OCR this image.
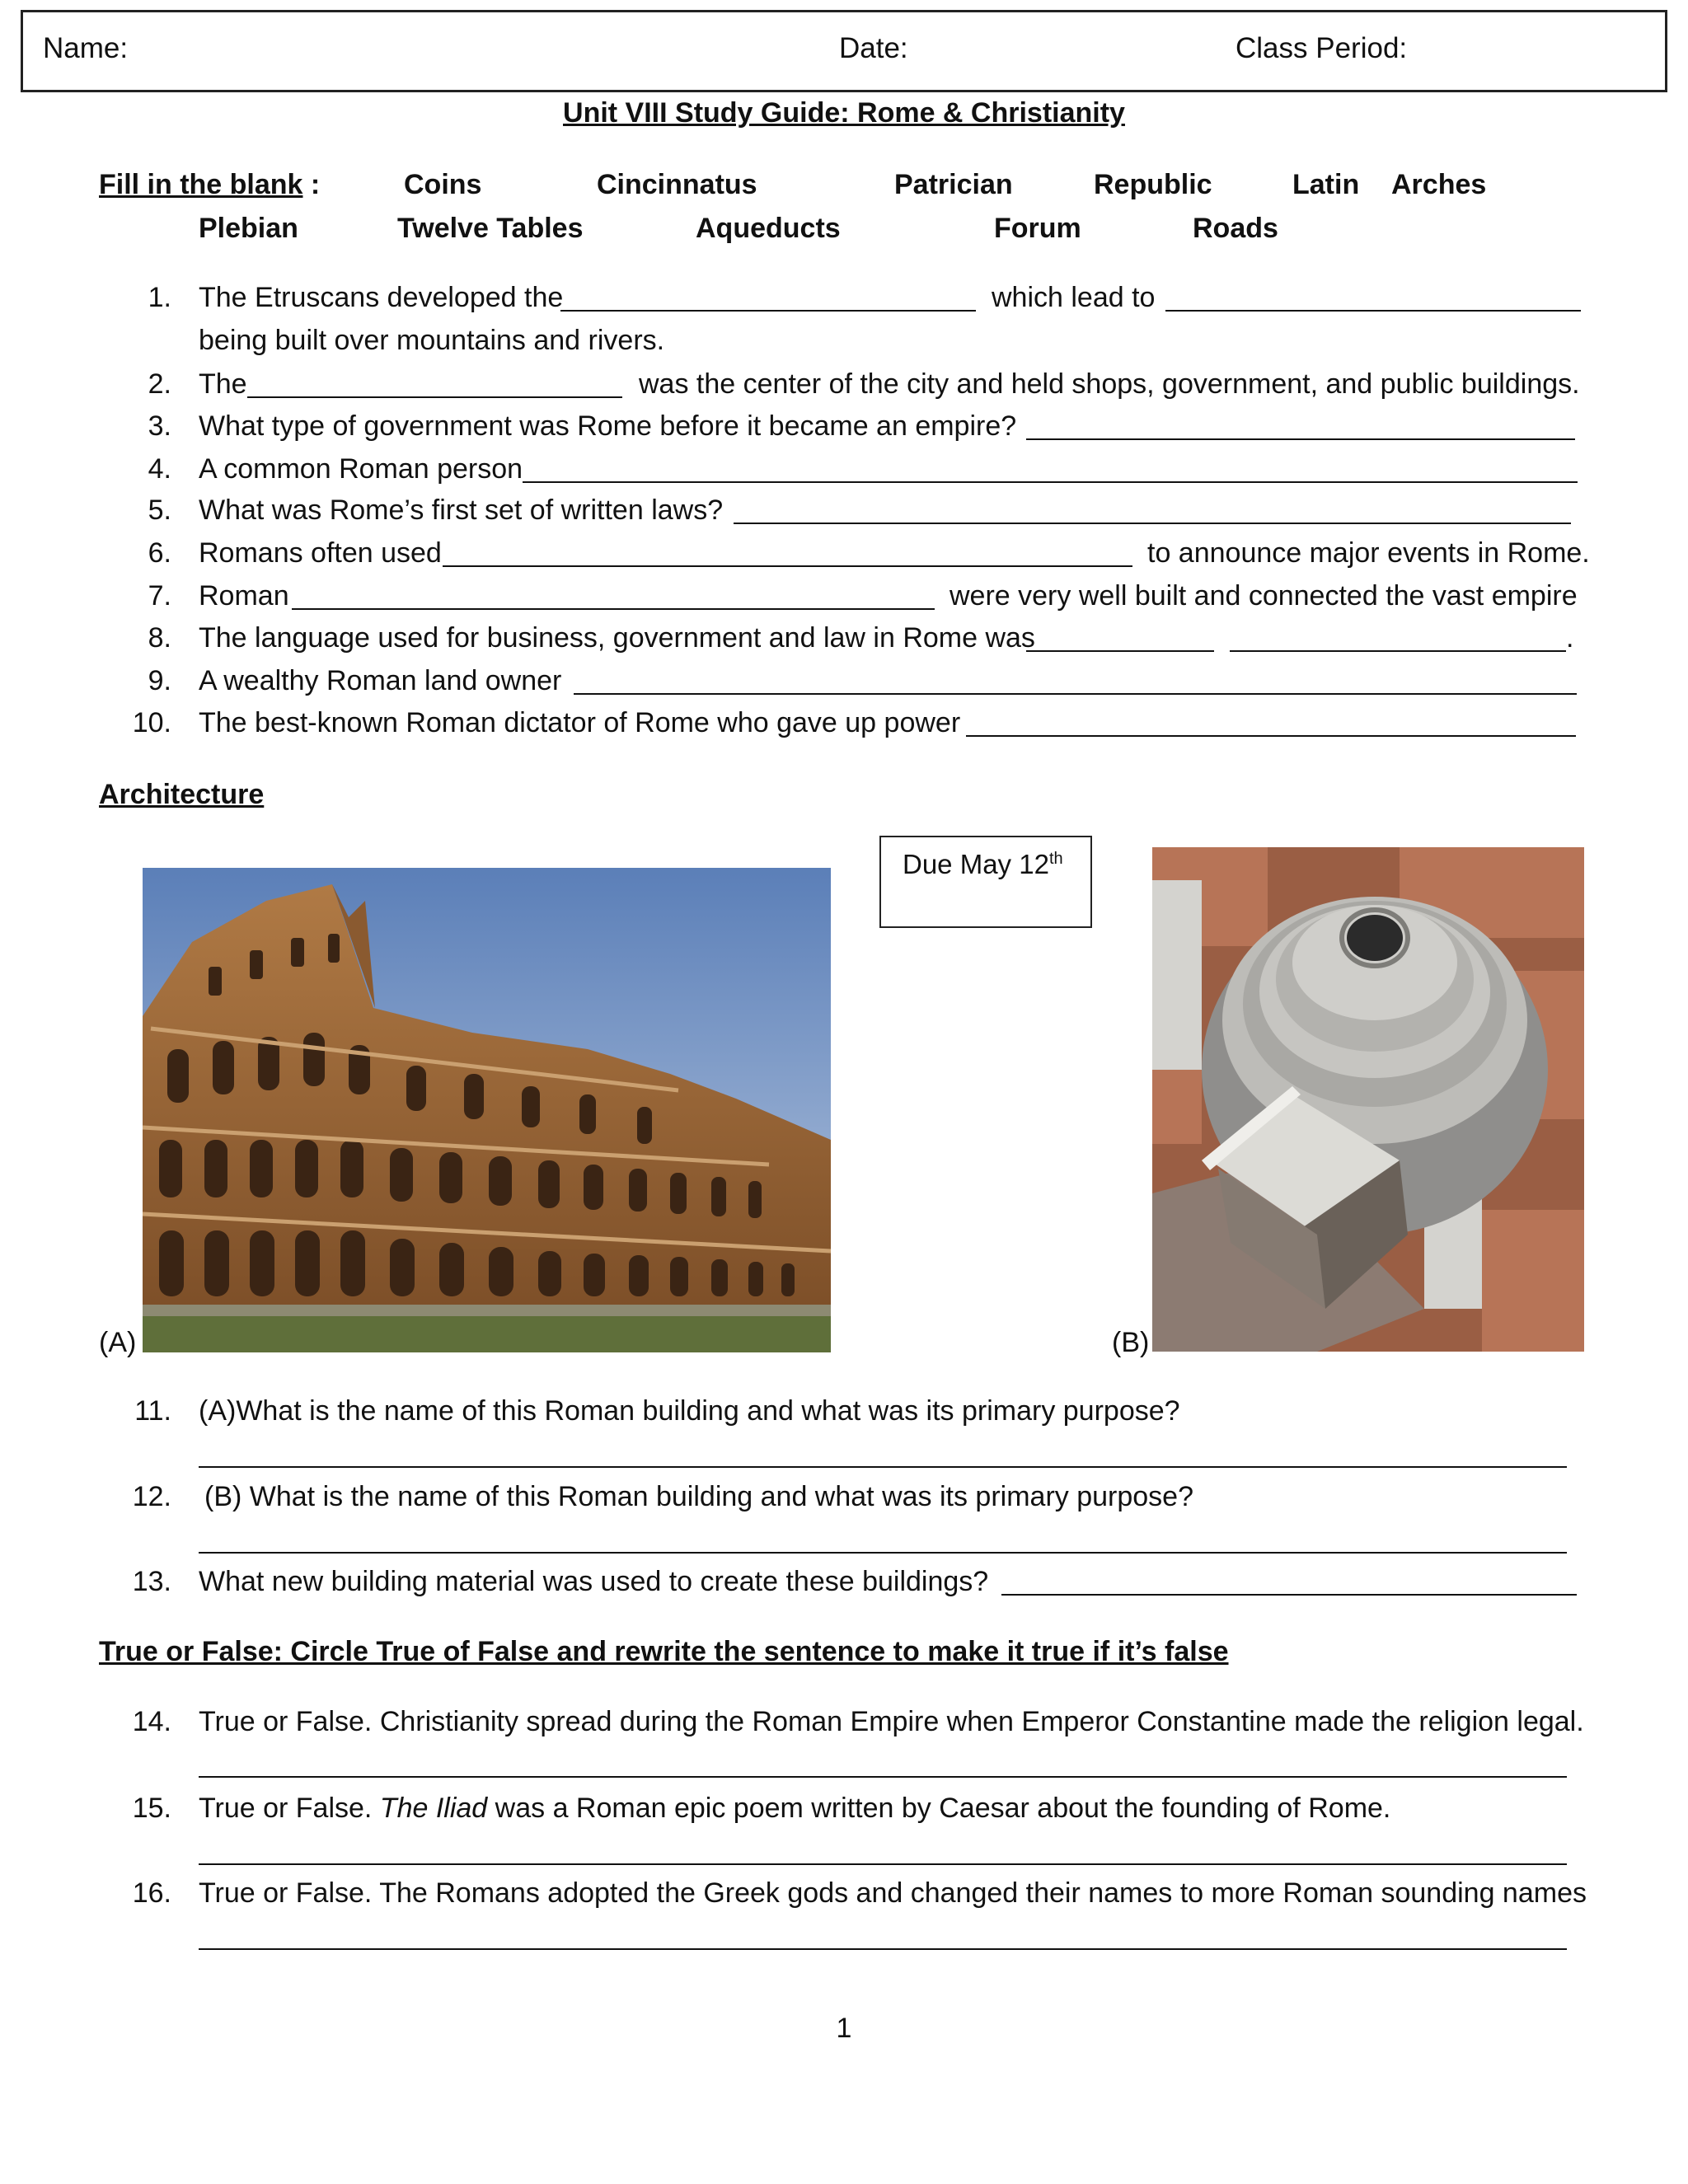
Name:	Date:	Class Period:
Unit VIII Study Guide: Rome & Christianity
Fill in the blank :	Coins	Cincinnatus	Patrician	Republic	Latin Arches
Plebian	Twelve Tables	Aqueducts	Forum	Roads
1. The Etruscans developed the	which lead to
being built over mountains and rivers.
2. The	was the center of the city and held shops, government, and public buildings.
3. What type of government was Rome before it became an empire?
4. A common Roman person
5. What was Rome’s first set of written laws?
6. Romans often used	to announce major events in Rome.
7. Roman	were very well built and connected the vast empire
8. The language used for business, government and law in Rome was	.
9. A wealthy Roman land owner
10. The best-known Roman dictator of Rome who gave up power
Architecture
Due May 12th
(A)	(B)
11. (A)What is the name of this Roman building and what was its primary purpose?
12. (B) What is the name of this Roman building and what was its primary purpose?
13. What new building material was used to create these buildings?
True or False: Circle True of False and rewrite the sentence to make it true if it’s false
14. True or False. Christianity spread during the Roman Empire when Emperor Constantine made the religion legal.
15. True or False. The Iliad was a Roman epic poem written by Caesar about the founding of Rome.
16. True or False. The Romans adopted the Greek gods and changed their names to more Roman sounding names
1
